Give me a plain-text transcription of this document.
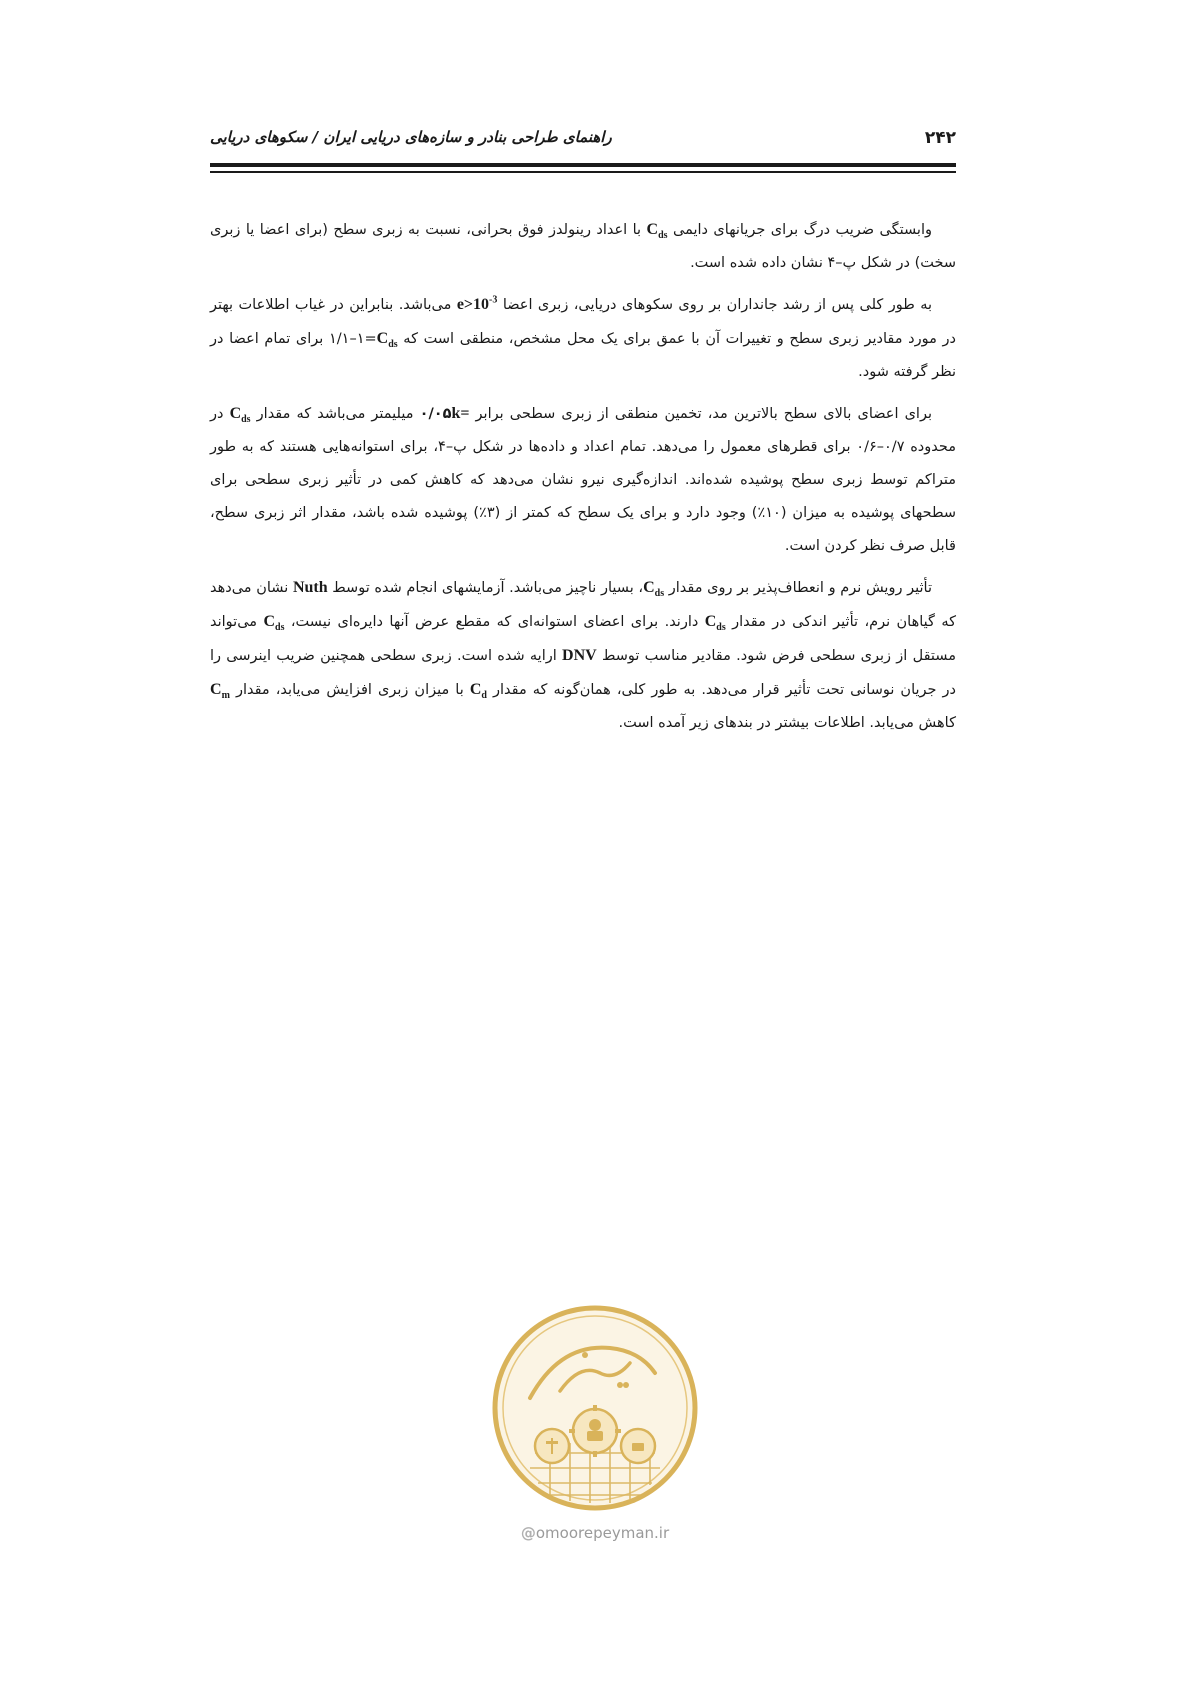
۲۴۲
راهنمای طراحی بنادر و سازه‌های دریایی ایران / سکوهای دریایی

وابستگی ضریب درگ برای جریانهای دایمی $C_{ds}$ با اعداد رینولدز فوق بحرانی، نسبت به زبری سطح (برای اعضا یا زبری سخت) در شکل پ–۴ نشان داده شده است.

به طور کلی پس از رشد جانداران بر روی سکوهای دریایی، زبری اعضا $e>10^{-3}$ می‌باشد. بنابراین در غیاب اطلاعات بهتر در مورد مقادیر زبری سطح و تغییرات آن با عمق برای یک محل مشخص، منطقی است که $C_{ds}=۱-۱/۱$ برای تمام اعضا در نظر گرفته شود.

برای اعضای بالای سطح بالاترین مد، تخمین منطقی از زبری سطحی برابر k=۰/۰۵ میلیمتر می‌باشد که مقدار $C_{ds}$ در محدوده ۰/۷–۰/۶ برای قطرهای معمول را می‌دهد. تمام اعداد و داده‌ها در شکل پ–۴، برای استوانه‌هایی هستند که به طور متراکم توسط زبری سطح پوشیده شده‌اند. اندازه‌گیری نیرو نشان می‌دهد که کاهش کمی در تأثیر زبری سطحی برای سطحهای پوشیده به میزان (۱۰٪) وجود دارد و برای یک سطح که کمتر از (۳٪) پوشیده شده باشد، مقدار اثر زبری سطح، قابل صرف نظر کردن است.

تأثیر رویش نرم و انعطاف‌پذیر بر روی مقدار $C_{ds}،$ بسیار ناچیز می‌باشد. آزمایشهای انجام شده توسط Nuth نشان می‌دهد که گیاهان نرم، تأثیر اندکی در مقدار $C_{ds}$ دارند. برای اعضای استوانه‌ای که مقطع عرض آنها دایره‌ای نیست، $C_{ds}$ می‌تواند مستقل از زبری سطحی فرض شود. مقادیر مناسب توسط DNV ارایه شده است. زبری سطحی همچنین ضریب اینرسی را در جریان نوسانی تحت تأثیر قرار می‌دهد. به طور کلی، همان‌گونه که مقدار $C_d$ با میزان زبری افزایش می‌یابد، مقدار $C_m$ کاهش می‌یابد. اطلاعات بیشتر در بندهای زیر آمده است.

@omoorepeyman.ir
